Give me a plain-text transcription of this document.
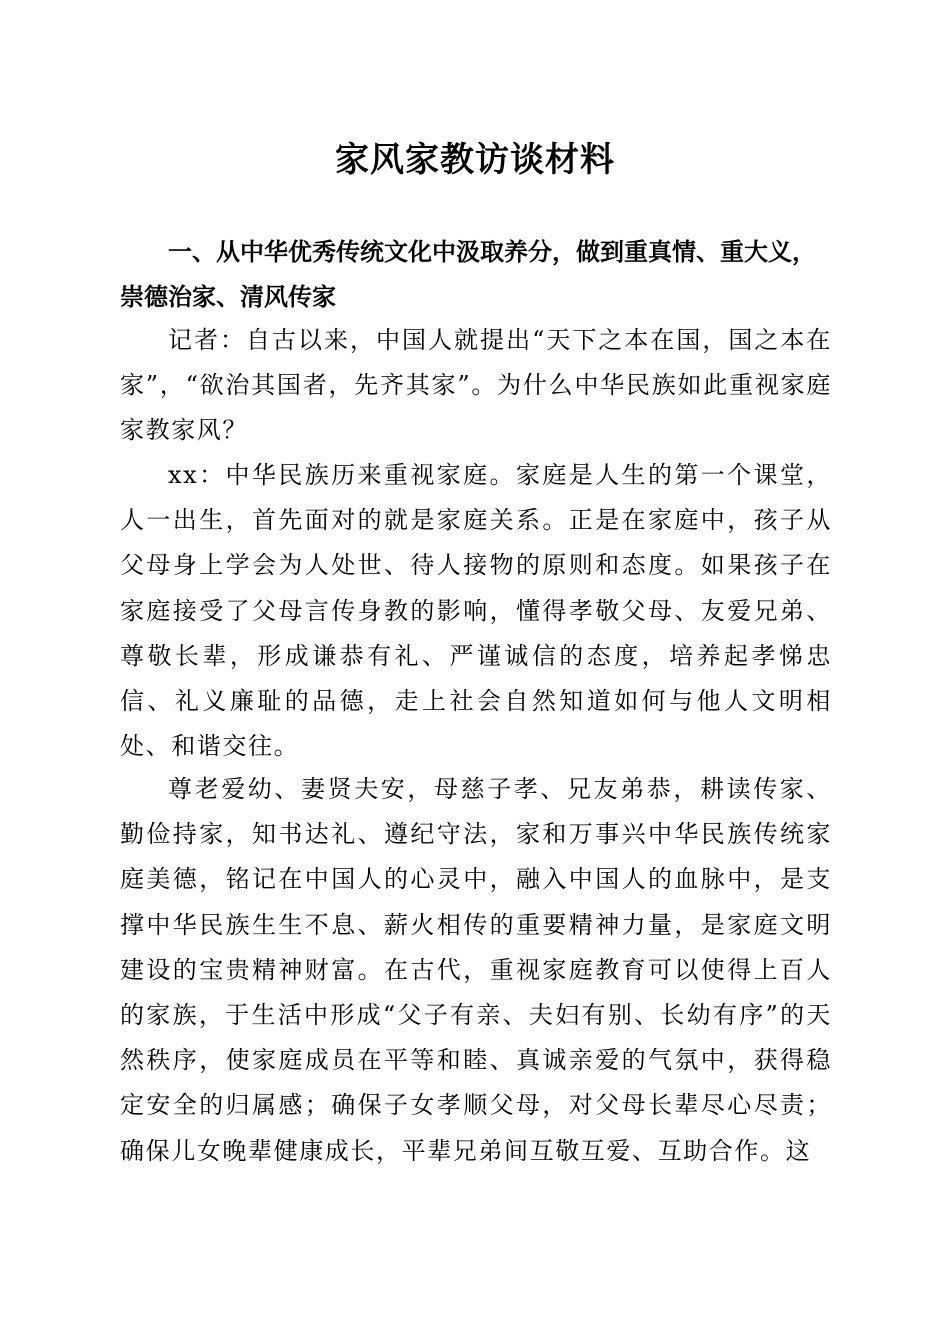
家风家教访谈材料
一、从中华优秀传统文化中汲取养分，做到重真情、重大义，崇德治家、清风传家
记者：自古以来，中国人就提出“天下之本在国，国之本在家”，“欲治其国者，先齐其家”。为什么中华民族如此重视家庭家教家风？
xx：中华民族历来重视家庭。家庭是人生的第一个课堂，人一出生，首先面对的就是家庭关系。正是在家庭中，孩子从父母身上学会为人处世、待人接物的原则和态度。如果孩子在家庭接受了父母言传身教的影响，懂得孝敬父母、友爱兄弟、尊敬长辈，形成谦恭有礼、严谨诚信的态度，培养起孝悌忠信、礼义廉耻的品德，走上社会自然知道如何与他人文明相处、和谐交往。
尊老爱幼、妻贤夫安，母慈子孝、兄友弟恭，耕读传家、勤俭持家，知书达礼、遵纪守法，家和万事兴中华民族传统家庭美德，铭记在中国人的心灵中，融入中国人的血脉中，是支撑中华民族生生不息、薪火相传的重要精神力量，是家庭文明建设的宝贵精神财富。在古代，重视家庭教育可以使得上百人的家族，于生活中形成“父子有亲、夫妇有别、长幼有序”的天然秩序，使家庭成员在平等和睦、真诚亲爱的气氛中，获得稳定安全的归属感；确保子女孝顺父母，对父母长辈尽心尽责；确保儿女晚辈健康成长，平辈兄弟间互敬互爱、互助合作。这
